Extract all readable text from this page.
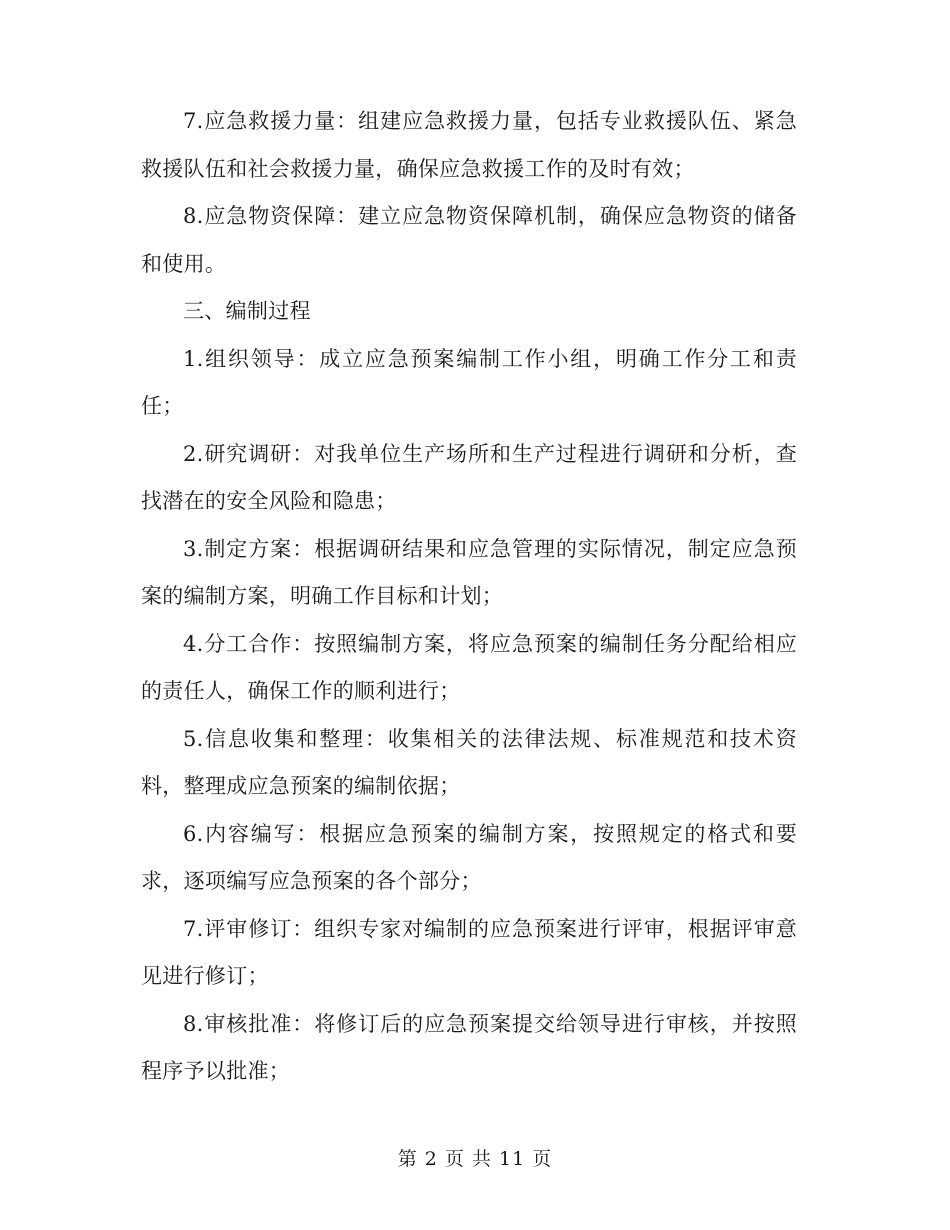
7.应急救援力量：组建应急救援力量，包括专业救援队伍、紧急救援队伍和社会救援力量，确保应急救援工作的及时有效；

8.应急物资保障：建立应急物资保障机制，确保应急物资的储备和使用。

三、编制过程

1.组织领导：成立应急预案编制工作小组，明确工作分工和责任；

2.研究调研：对我单位生产场所和生产过程进行调研和分析，查找潜在的安全风险和隐患；

3.制定方案：根据调研结果和应急管理的实际情况，制定应急预案的编制方案，明确工作目标和计划；

4.分工合作：按照编制方案，将应急预案的编制任务分配给相应的责任人，确保工作的顺利进行；

5.信息收集和整理：收集相关的法律法规、标准规范和技术资料，整理成应急预案的编制依据；

6.内容编写：根据应急预案的编制方案，按照规定的格式和要求，逐项编写应急预案的各个部分；

7.评审修订：组织专家对编制的应急预案进行评审，根据评审意见进行修订；

8.审核批准：将修订后的应急预案提交给领导进行审核，并按照程序予以批准；

第 2 页 共 11 页
